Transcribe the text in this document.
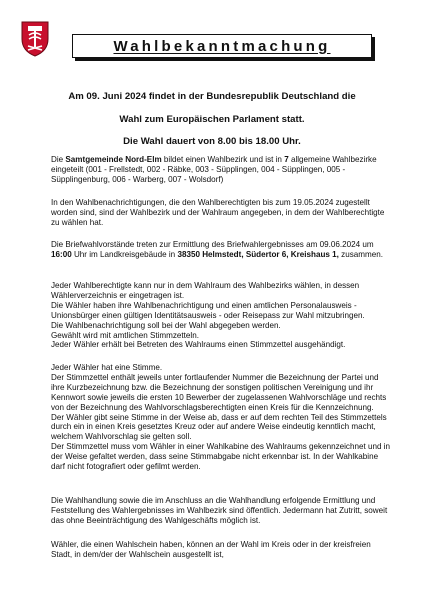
Wahlbekanntmachung
Am 09. Juni 2024 findet in der Bundesrepublik Deutschland die
Wahl zum Europäischen Parlament statt.
Die Wahl dauert von 8.00 bis 18.00 Uhr.

Die Samtgemeinde Nord-Elm bildet einen Wahlbezirk und ist in 7 allgemeine Wahlbezirke eingeteilt (001 - Frellstedt, 002 - Räbke, 003 - Süpplingen, 004 - Süpplingen, 005 -Süpplingenburg, 006 - Warberg, 007 - Wolsdorf)

In den Wahlbenachrichtigungen, die den Wahlberechtigten bis zum 19.05.2024 zugestellt worden sind, sind der Wahlbezirk und der Wahlraum angegeben, in dem der Wahlberechtigte zu wählen hat.

Die Briefwahlvorstände treten zur Ermittlung des Briefwahlergebnisses am 09.06.2024 um 16:00 Uhr im Landkreisgebäude in 38350 Helmstedt, Südertor 6, Kreishaus 1, zusammen.

Jeder Wahlberechtigte kann nur in dem Wahlraum des Wahlbezirks wählen, in dessen Wählerverzeichnis er eingetragen ist.
Die Wähler haben ihre Wahlbenachrichtigung und einen amtlichen Personalausweis - Unionsbürger einen gültigen Identitätsausweis - oder Reisepass zur Wahl mitzubringen.
Die Wahlbenachrichtigung soll bei der Wahl abgegeben werden.
Gewählt wird mit amtlichen Stimmzetteln.
Jeder Wähler erhält bei Betreten des Wahlraums einen Stimmzettel ausgehändigt.
Jeder Wähler hat eine Stimme.
Der Stimmzettel enthält jeweils unter fortlaufender Nummer die Bezeichnung der Partei und ihre Kurzbezeichnung bzw. die Bezeichnung der sonstigen politischen Vereinigung und ihr Kennwort sowie jeweils die ersten 10 Bewerber der zugelassenen Wahlvorschläge und rechts von der Bezeichnung des Wahlvorschlagsberechtigten einen Kreis für die Kennzeichnung.
Der Wähler gibt seine Stimme in der Weise ab, dass er auf dem rechten Teil des Stimmzettels durch ein in einen Kreis gesetztes Kreuz oder auf andere Weise eindeutig kenntlich macht, welchem Wahlvorschlag sie gelten soll.
Der Stimmzettel muss vom Wähler in einer Wahlkabine des Wahlraums gekennzeichnet und in der Weise gefaltet werden, dass seine Stimmabgabe nicht erkennbar ist. In der Wahlkabine darf nicht fotografiert oder gefilmt werden.

Die Wahlhandlung sowie die im Anschluss an die Wahlhandlung erfolgende Ermittlung und Feststellung des Wahlergebnisses im Wahlbezirk sind öffentlich. Jedermann hat Zutritt, soweit das ohne Beeinträchtigung des Wahlgeschäfts möglich ist.

Wähler, die einen Wahlschein haben, können an der Wahl im Kreis oder in der kreisfreien Stadt, in dem/der der Wahlschein ausgestellt ist,
